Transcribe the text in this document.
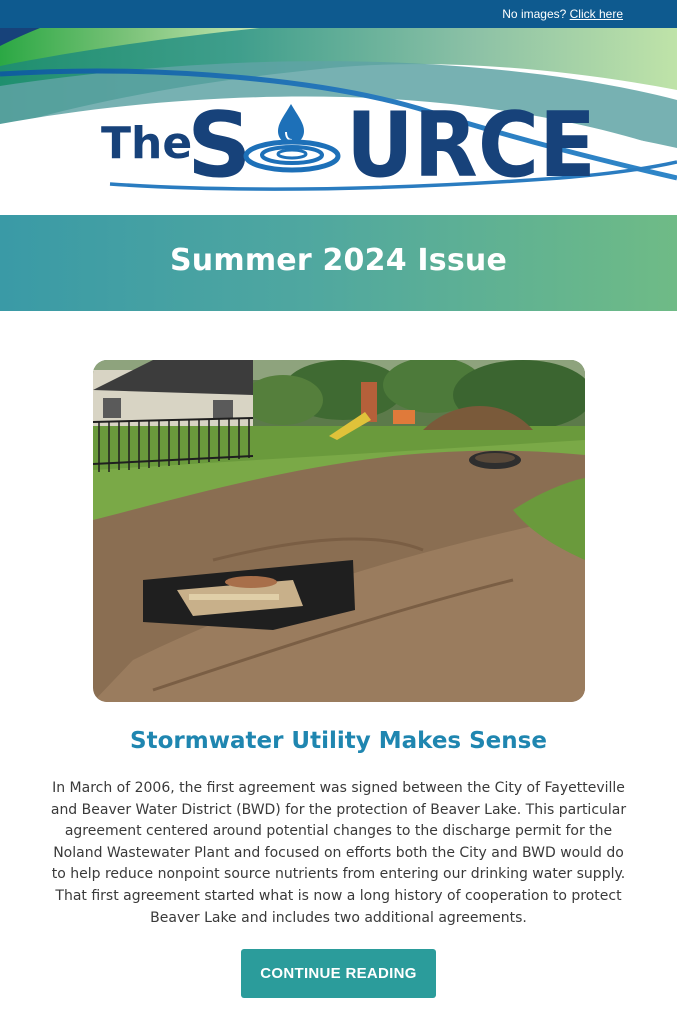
No images? Click here
The
S URCE
Summer 2024 Issue
Stormwater Utility Makes Sense

In March of 2006, the first agreement was signed between the City of Fayetteville and Beaver Water District (BWD) for the protection of Beaver Lake. This particular agreement centered around potential changes to the discharge permit for the Noland Wastewater Plant and focused on efforts both the City and BWD would do to help reduce nonpoint source nutrients from entering our drinking water supply. That first agreement started what is now a long history of cooperation to protect Beaver Lake and includes two additional agreements.

CONTINUE READING
